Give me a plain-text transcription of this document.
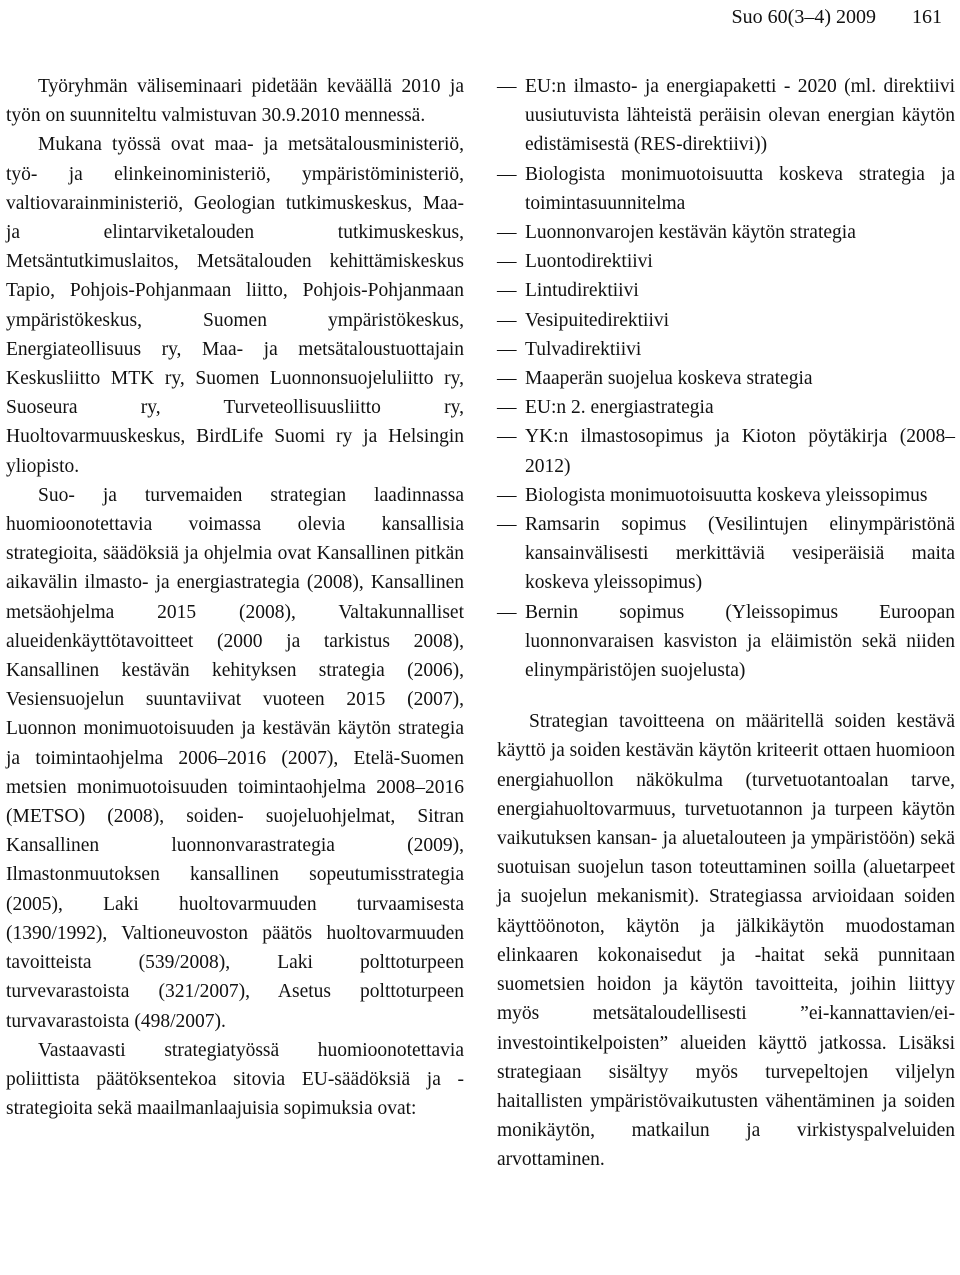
Suo 60(3–4) 2009 161

Työryhmän väliseminaari pidetään keväällä 2010 ja työn on suunniteltu valmistuvan 30.9.2010 mennessä.

Mukana työssä ovat maa- ja metsätalousministeriö, työ- ja elinkeinoministeriö, ympäristöministeriö, valtiovarainministeriö, Geologian tutkimuskeskus, Maa- ja elintarviketalouden tutkimuskeskus, Metsäntutkimuslaitos, Metsätalouden kehittämiskeskus Tapio, Pohjois-Pohjanmaan liitto, Pohjois-Pohjanmaan ympäristökeskus, Suomen ympäristökeskus, Energiateollisuus ry, Maa- ja metsätaloustuottajain Keskusliitto MTK ry, Suomen Luonnonsuojeluliitto ry, Suoseura ry, Turveteollisuusliitto ry, Huoltovarmuuskeskus, BirdLife Suomi ry ja Helsingin yliopisto.

Suo- ja turvemaiden strategian laadinnassa huomioonotettavia voimassa olevia kansallisia strategioita, säädöksiä ja ohjelmia ovat Kansallinen pitkän aikavälin ilmasto- ja energiastrategia (2008), Kansallinen metsäohjelma 2015 (2008), Valtakunnalliset alueidenkäyttötavoitteet (2000 ja tarkistus 2008), Kansallinen kestävän kehityksen strategia (2006), Vesiensuojelun suuntaviivat vuoteen 2015 (2007), Luonnon monimuotoisuuden ja kestävän käytön strategia ja toimintaohjelma 2006–2016 (2007), Etelä-Suomen metsien monimuotoisuuden toimintaohjelma 2008–2016 (METSO) (2008), soiden- suojeluohjelmat, Sitran Kansallinen luonnonvarastrategia (2009), Ilmastonmuutoksen kansallinen sopeutumisstrategia (2005), Laki huoltovarmuuden turvaamisesta (1390/1992), Valtioneuvoston päätös huoltovarmuuden tavoitteista (539/2008), Laki polttoturpeen turvevarastoista (321/2007), Asetus polttoturpeen turvavarastoista (498/2007).

Vastaavasti strategiatyössä huomioonotettavia poliittista päätöksentekoa sitovia EU-säädöksiä ja -strategioita sekä maailmanlaajuisia sopimuksia ovat:

— EU:n ilmasto- ja energiapaketti - 2020 (ml. direktiivi uusiutuvista lähteistä peräisin olevan energian käytön edistämisestä (RES-direktiivi))
— Biologista monimuotoisuutta koskeva strategia ja toimintasuunnitelma
— Luonnonvarojen kestävän käytön strategia
— Luontodirektiivi
— Lintudirektiivi
— Vesipuitedirektiivi
— Tulvadirektiivi
— Maaperän suojelua koskeva strategia
— EU:n 2. energiastrategia
— YK:n ilmastosopimus ja Kioton pöytäkirja (2008–2012)
— Biologista monimuotoisuutta koskeva yleissopimus
— Ramsarin sopimus (Vesilintujen elinympäristönä kansainvälisesti merkittäviä vesiperäisiä maita koskeva yleissopimus)
— Bernin sopimus (Yleissopimus Euroopan luonnonvaraisen kasviston ja eläimistön sekä niiden elinympäristöjen suojelusta)

Strategian tavoitteena on määritellä soiden kestävä käyttö ja soiden kestävän käytön kriteerit ottaen huomioon energiahuollon näkökulma (turvetuotantoalan tarve, energiahuoltovarmuus, turvetuotannon ja turpeen käytön vaikutuksen kansan- ja aluetalouteen ja ympäristöön) sekä suotuisan suojelun tason toteuttaminen soilla (aluetarpeet ja suojelun mekanismit). Strategiassa arvioidaan soiden käyttöönoton, käytön ja jälkikäytön muodostaman elinkaaren kokonaisedut ja -haitat sekä punnitaan suometsien hoidon ja käytön tavoitteita, joihin liittyy myös metsätaloudellisesti ”ei-kannattavien/ei-investointikelpoisten” alueiden käyttö jatkossa. Lisäksi strategiaan sisältyy myös turvepeltojen viljelyn haitallisten ympäristövaikutusten vähentäminen ja soiden monikäytön, matkailun ja virkistyspalveluiden arvottaminen.
